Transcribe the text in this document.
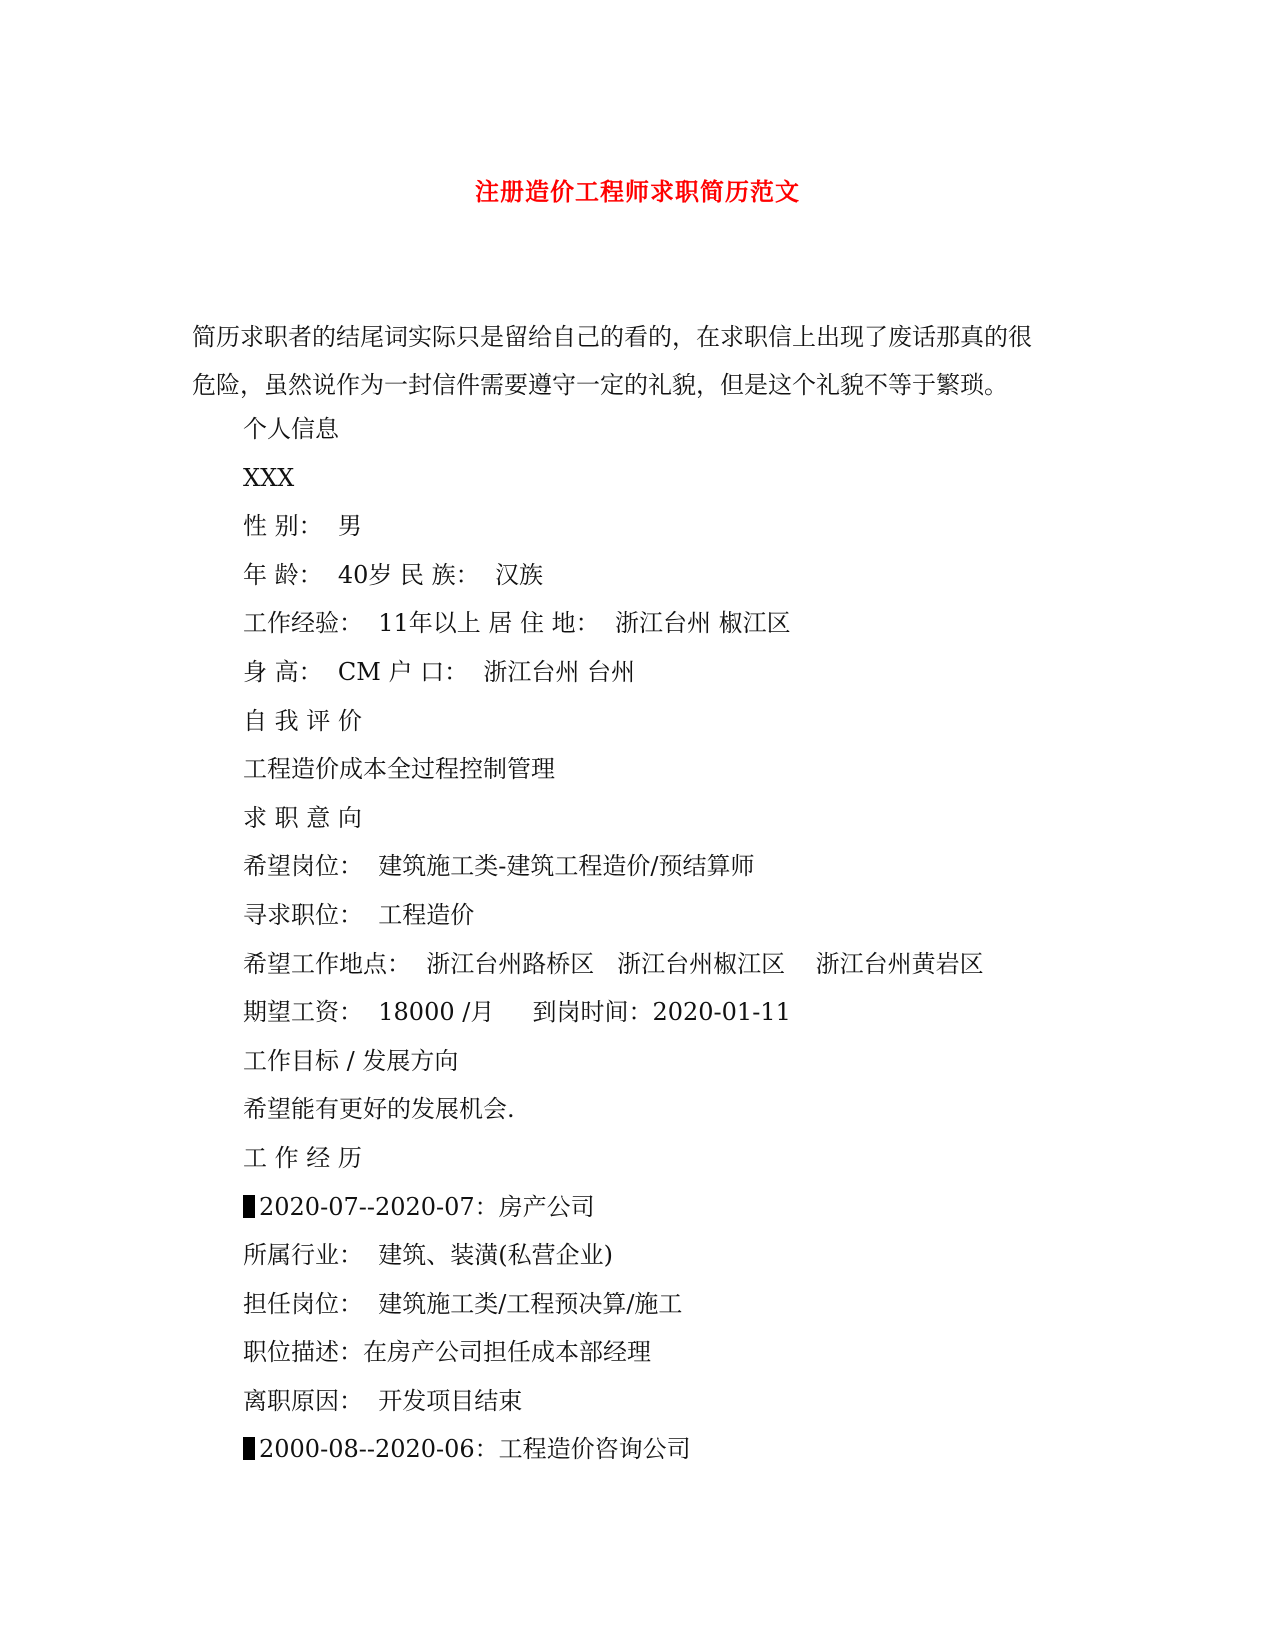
注册造价工程师求职简历范文

简历求职者的结尾词实际只是留给自己的看的，在求职信上出现了废话那真的很

危险，虽然说作为一封信件需要遵守一定的礼貌，但是这个礼貌不等于繁琐。

个人信息
XXX
性 别：  男
年 龄：  40岁 民 族：  汉族
工作经验：  11年以上 居 住 地：  浙江台州 椒江区
身 高：  CM 户 口：  浙江台州 台州
自 我 评 价
工程造价成本全过程控制管理
求 职 意 向
希望岗位：  建筑施工类-建筑工程造价/预结算师
寻求职位：  工程造价
希望工作地点：  浙江台州路桥区   浙江台州椒江区    浙江台州黄岩区
期望工资：  18000 /月     到岗时间：2020-01-11
工作目标 / 发展方向
希望能有更好的发展机会.
工 作 经 历
2020-07--2020-07：房产公司
所属行业：  建筑、装潢(私营企业)
担任岗位：  建筑施工类/工程预决算/施工
职位描述：在房产公司担任成本部经理
离职原因：  开发项目结束
2000-08--2020-06：工程造价咨询公司
